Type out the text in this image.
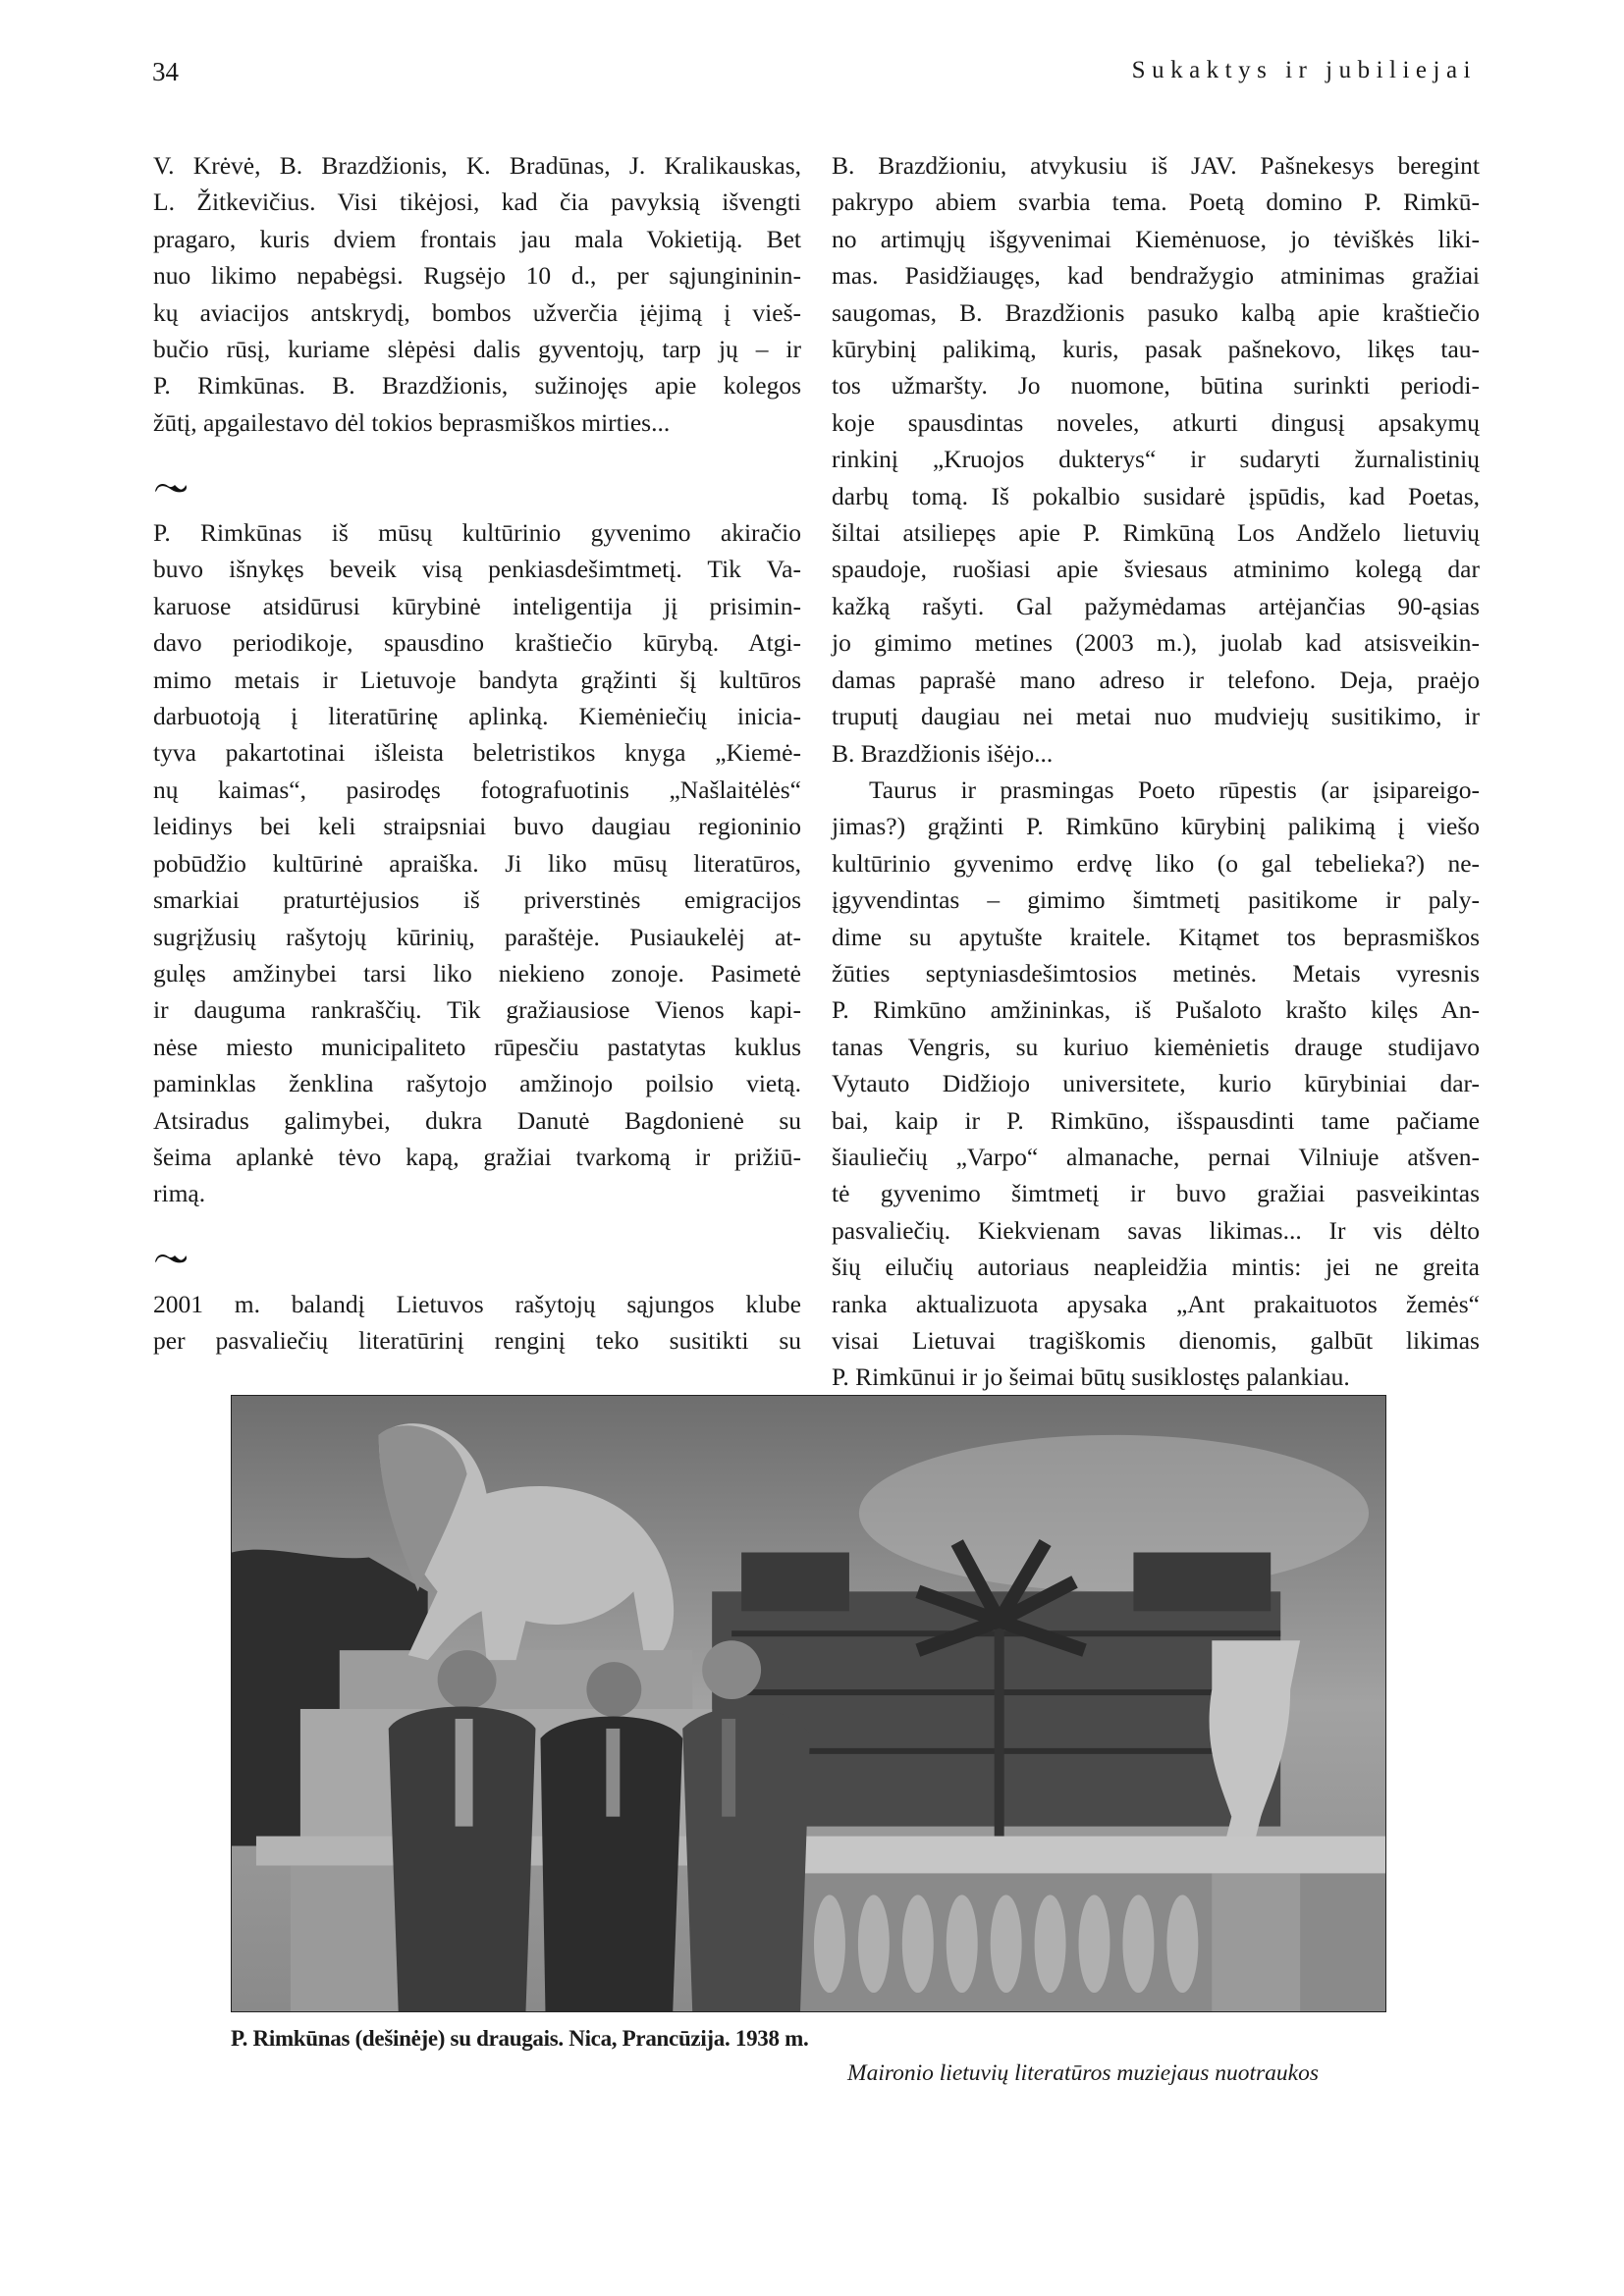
34	Sukaktys ir jubiliejai

V. Krėvė, B. Brazdžionis, K. Bradūnas, J. Kralikauskas,
L. Žitkevičius. Visi tikėjosi, kad čia pavyksią išvengti
pragaro, kuris dviem frontais jau mala Vokietiją. Bet
nuo likimo nepabėgsi. Rugsėjo 10 d., per sąjungininin-
kų aviacijos antskrydį, bombos užverčia įėjimą į vieš-
bučio rūsį, kuriame slėpėsi dalis gyventojų, tarp jų – ir
P. Rimkūnas. B. Brazdžionis, sužinojęs apie kolegos
žūtį, apgailestavo dėl tokios beprasmiškos mirties...

P. Rimkūnas iš mūsų kultūrinio gyvenimo akiračio
buvo išnykęs beveik visą penkiasdešimtmetį. Tik Va-
karuose atsidūrusi kūrybinė inteligentija jį prisimin-
davo periodikoje, spausdino kraštiečio kūrybą. Atgi-
mimo metais ir Lietuvoje bandyta grąžinti šį kultūros
darbuotoją į literatūrinę aplinką. Kiemėniečių inicia-
tyva pakartotinai išleista beletristikos knyga „Kiemė-
nų kaimas“, pasirodęs fotografuotinis „Našlaitėlės“
leidinys bei keli straipsniai buvo daugiau regioninio
pobūdžio kultūrinė apraiška. Ji liko mūsų literatūros,
smarkiai praturtėjusios iš priverstinės emigracijos
sugrįžusių rašytojų kūrinių, paraštėje. Pusiaukelėj at-
gulęs amžinybei tarsi liko niekieno zonoje. Pasimetė
ir dauguma rankraščių. Tik gražiausiose Vienos kapi-
nėse miesto municipaliteto rūpesčiu pastatytas kuklus
paminklas ženklina rašytojo amžinojo poilsio vietą.
Atsiradus galimybei, dukra Danutė Bagdonienė su
šeima aplankė tėvo kapą, gražiai tvarkomą ir prižiū-
rimą.

2001 m. balandį Lietuvos rašytojų sąjungos klube
per pasvaliečių literatūrinį renginį teko susitikti su

B. Brazdžioniu, atvykusiu iš JAV. Pašnekesys beregint
pakrypo abiem svarbia tema. Poetą domino P. Rimkū-
no artimųjų išgyvenimai Kiemėnuose, jo tėviškės liki-
mas. Pasidžiaugęs, kad bendražygio atminimas gražiai
saugomas, B. Brazdžionis pasuko kalbą apie kraštiečio
kūrybinį palikimą, kuris, pasak pašnekovo, likęs tau-
tos užmaršty. Jo nuomone, būtina surinkti periodi-
koje spausdintas noveles, atkurti dingusį apsakymų
rinkinį „Kruojos dukterys“ ir sudaryti žurnalistinių
darbų tomą. Iš pokalbio susidarė įspūdis, kad Poetas,
šiltai atsiliepęs apie P. Rimkūną Los Andželo lietuvių
spaudoje, ruošiasi apie šviesaus atminimo kolegą dar
kažką rašyti. Gal pažymėdamas artėjančias 90-ąsias
jo gimimo metines (2003 m.), juolab kad atsisveikin-
damas paprašė mano adreso ir telefono. Deja, praėjo
truputį daugiau nei metai nuo mudviejų susitikimo, ir
B. Brazdžionis išėjo...

Taurus ir prasmingas Poeto rūpestis (ar įsipareigo-
jimas?) grąžinti P. Rimkūno kūrybinį palikimą į viešo
kultūrinio gyvenimo erdvę liko (o gal tebelieka?) ne-
įgyvendintas – gimimo šimtmetį pasitikome ir paly-
dime su apytušte kraitele. Kitąmet tos beprasmiškos
žūties septyniasdešimtosios metinės. Metais vyresnis
P. Rimkūno amžininkas, iš Pušaloto krašto kilęs An-
tanas Vengris, su kuriuo kiemėnietis drauge studijavo
Vytauto Didžiojo universitete, kurio kūrybiniai dar-
bai, kaip ir P. Rimkūno, išspausdinti tame pačiame
šiauliečių „Varpo“ almanache, pernai Vilniuje atšven-
tė gyvenimo šimtmetį ir buvo gražiai pasveikintas
pasvaliečių. Kiekvienam savas likimas... Ir vis dėlto
šių eilučių autoriaus neapleidžia mintis: jei ne greita
ranka aktualizuota apysaka „Ant prakaituotos žemės“
visai Lietuvai tragiškomis dienomis, galbūt likimas
P. Rimkūnui ir jo šeimai būtų susiklostęs palankiau.

P. Rimkūnas (dešinėje) su draugais. Nica, Prancūzija. 1938 m.
Maironio lietuvių literatūros muziejaus nuotraukos
